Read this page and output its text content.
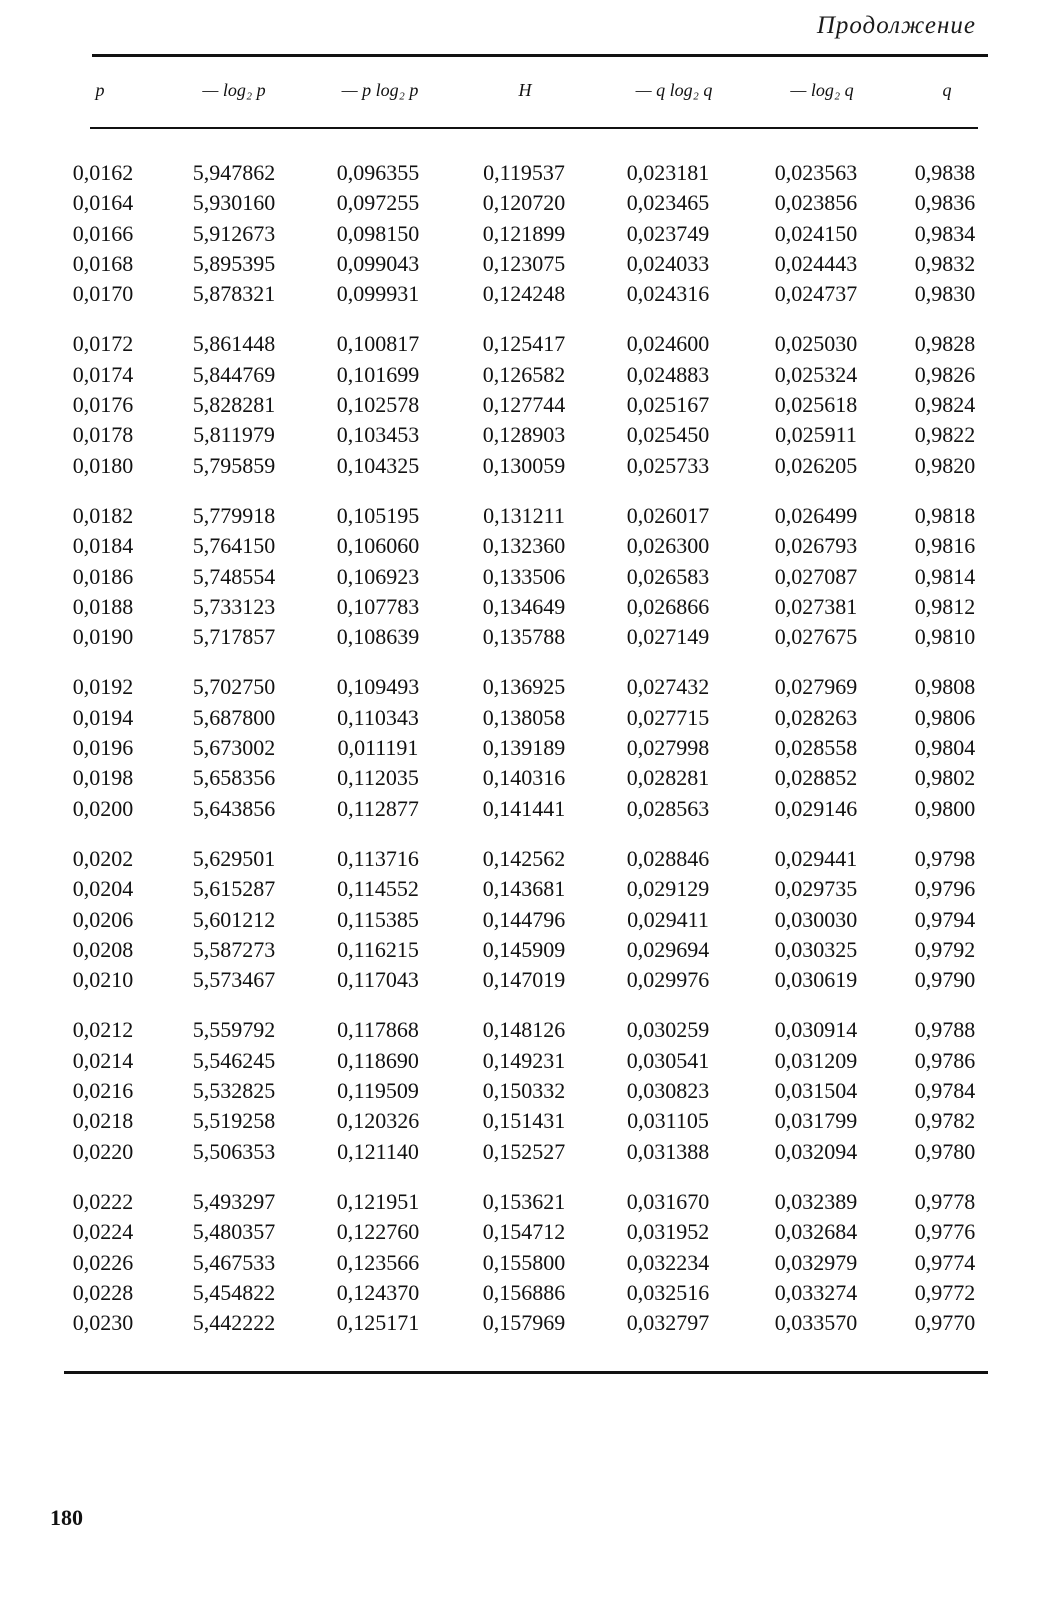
Продолжение
p	— log₂ p	— p log₂ p	H	— q log₂ q	— log₂ q	q
0,0162	5,947862	0,096355	0,119537	0,023181	0,023563	0,9838
0,0164	5,930160	0,097255	0,120720	0,023465	0,023856	0,9836
0,0166	5,912673	0,098150	0,121899	0,023749	0,024150	0,9834
0,0168	5,895395	0,099043	0,123075	0,024033	0,024443	0,9832
0,0170	5,878321	0,099931	0,124248	0,024316	0,024737	0,9830
0,0172	5,861448	0,100817	0,125417	0,024600	0,025030	0,9828
0,0174	5,844769	0,101699	0,126582	0,024883	0,025324	0,9826
0,0176	5,828281	0,102578	0,127744	0,025167	0,025618	0,9824
0,0178	5,811979	0,103453	0,128903	0,025450	0,025911	0,9822
0,0180	5,795859	0,104325	0,130059	0,025733	0,026205	0,9820
0,0182	5,779918	0,105195	0,131211	0,026017	0,026499	0,9818
0,0184	5,764150	0,106060	0,132360	0,026300	0,026793	0,9816
0,0186	5,748554	0,106923	0,133506	0,026583	0,027087	0,9814
0,0188	5,733123	0,107783	0,134649	0,026866	0,027381	0,9812
0,0190	5,717857	0,108639	0,135788	0,027149	0,027675	0,9810
0,0192	5,702750	0,109493	0,136925	0,027432	0,027969	0,9808
0,0194	5,687800	0,110343	0,138058	0,027715	0,028263	0,9806
0,0196	5,673002	0,011191	0,139189	0,027998	0,028558	0,9804
0,0198	5,658356	0,112035	0,140316	0,028281	0,028852	0,9802
0,0200	5,643856	0,112877	0,141441	0,028563	0,029146	0,9800
0,0202	5,629501	0,113716	0,142562	0,028846	0,029441	0,9798
0,0204	5,615287	0,114552	0,143681	0,029129	0,029735	0,9796
0,0206	5,601212	0,115385	0,144796	0,029411	0,030030	0,9794
0,0208	5,587273	0,116215	0,145909	0,029694	0,030325	0,9792
0,0210	5,573467	0,117043	0,147019	0,029976	0,030619	0,9790
0,0212	5,559792	0,117868	0,148126	0,030259	0,030914	0,9788
0,0214	5,546245	0,118690	0,149231	0,030541	0,031209	0,9786
0,0216	5,532825	0,119509	0,150332	0,030823	0,031504	0,9784
0,0218	5,519258	0,120326	0,151431	0,031105	0,031799	0,9782
0,0220	5,506353	0,121140	0,152527	0,031388	0,032094	0,9780
0,0222	5,493297	0,121951	0,153621	0,031670	0,032389	0,9778
0,0224	5,480357	0,122760	0,154712	0,031952	0,032684	0,9776
0,0226	5,467533	0,123566	0,155800	0,032234	0,032979	0,9774
0,0228	5,454822	0,124370	0,156886	0,032516	0,033274	0,9772
0,0230	5,442222	0,125171	0,157969	0,032797	0,033570	0,9770
180
